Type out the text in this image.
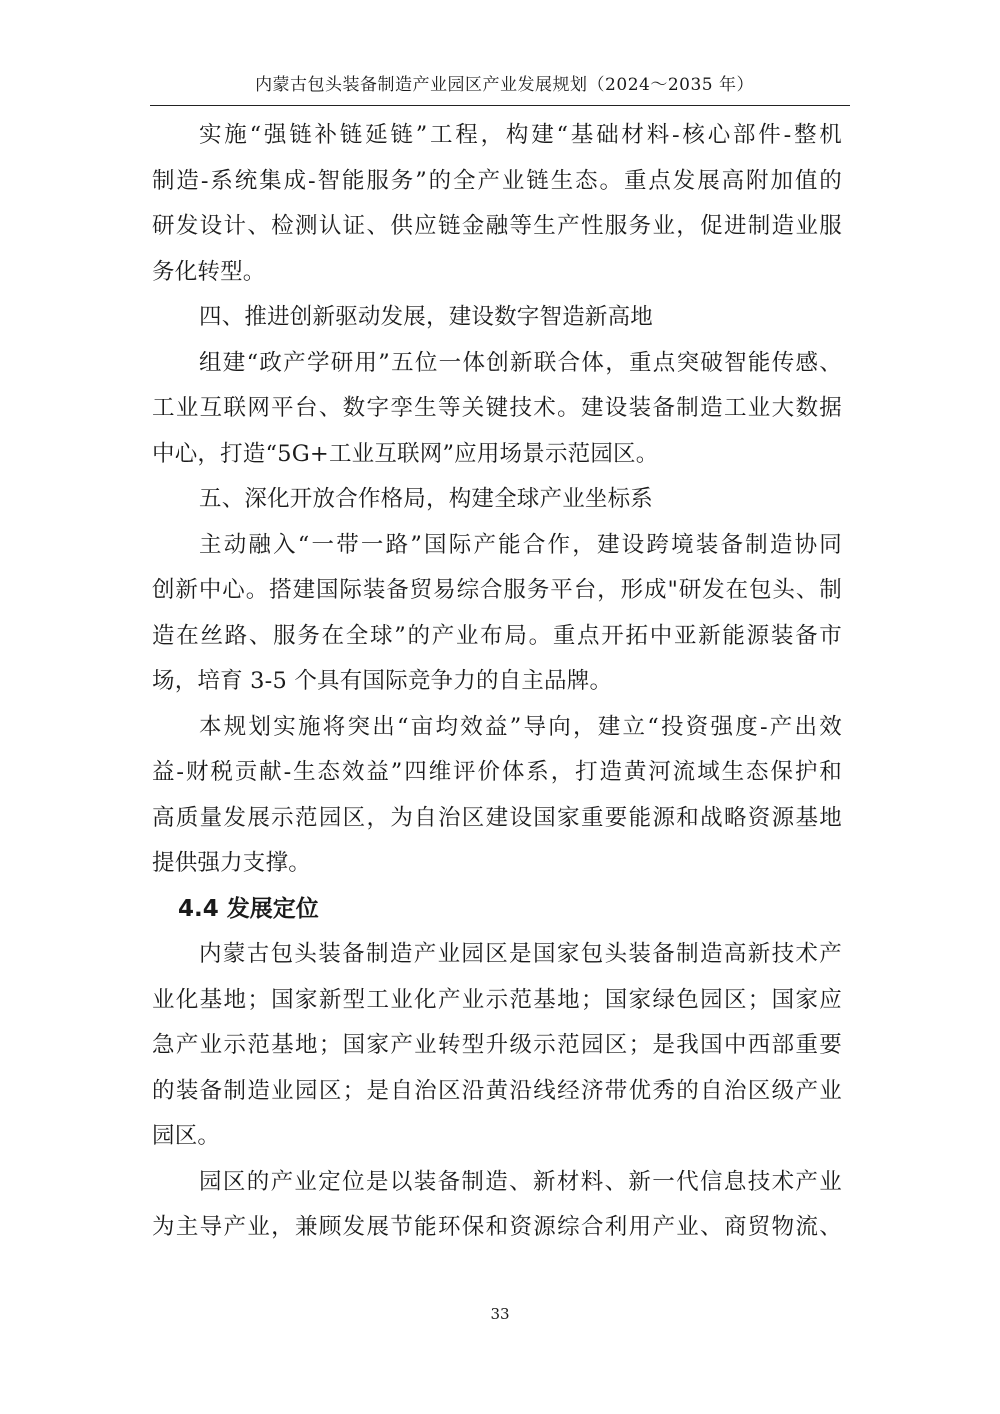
内蒙古包头装备制造产业园区产业发展规划（2024～2035 年）
实施“强链补链延链”工程，构建“基础材料-核心部件-整机
制造-系统集成-智能服务”的全产业链生态。重点发展高附加值的
研发设计、检测认证、供应链金融等生产性服务业，促进制造业服
务化转型。
四、推进创新驱动发展，建设数字智造新高地
组建“政产学研用”五位一体创新联合体，重点突破智能传感、
工业互联网平台、数字孪生等关键技术。建设装备制造工业大数据
中心，打造“5G+工业互联网”应用场景示范园区。
五、深化开放合作格局，构建全球产业坐标系
主动融入“一带一路”国际产能合作，建设跨境装备制造协同
创新中心。搭建国际装备贸易综合服务平台，形成"研发在包头、制
造在丝路、服务在全球”的产业布局。重点开拓中亚新能源装备市
场，培育 3-5 个具有国际竞争力的自主品牌。
本规划实施将突出“亩均效益”导向，建立“投资强度-产出效
益-财税贡献-生态效益”四维评价体系，打造黄河流域生态保护和
高质量发展示范园区，为自治区建设国家重要能源和战略资源基地
提供强力支撑。
4.4 发展定位
内蒙古包头装备制造产业园区是国家包头装备制造高新技术产
业化基地；国家新型工业化产业示范基地；国家绿色园区；国家应
急产业示范基地；国家产业转型升级示范园区；是我国中西部重要
的装备制造业园区；是自治区沿黄沿线经济带优秀的自治区级产业
园区。
园区的产业定位是以装备制造、新材料、新一代信息技术产业
为主导产业，兼顾发展节能环保和资源综合利用产业、商贸物流、
33
